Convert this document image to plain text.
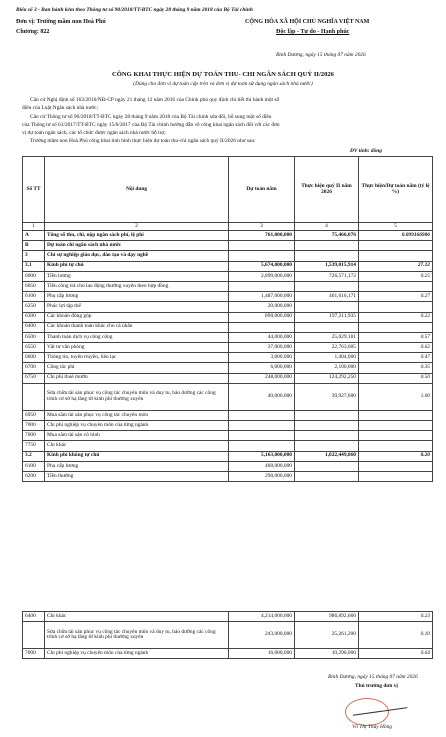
Biểu số 3 - Ban hành kèm theo Thông tư số 90/2018/TT-BTC ngày 28 tháng 9 năm 2018 của Bộ Tài chính
Đơn vị: Trường mầm non Hoà Phú
Chương: 822
CỘNG HÒA XÃ HỘI CHỦ NGHĨA VIỆT NAM
Độc lập - Tự do - Hạnh phúc
Bình Dương, ngày 15 tháng 07 năm 2026
CÔNG KHAI THỰC HIỆN DỰ TOÁN THU- CHI NGÂN SÁCH QUÝ II/2026
(Dùng cho đơn vị dự toán cấp trên và đơn vị dự toán sử dụng ngân sách nhà nước)
Căn cứ Nghị định số 163/2016/NĐ-CP ngày 21 tháng 12 năm 2016 của Chính phủ quy định chi tiết thi hành một số
điều của Luật Ngân sách nhà nước;
Căn cứ Thông tư số 90/2018/TT-BTC ngày 28 tháng 9 năm 2018 của Bộ Tài chính sửa đổi, bổ sung một số điều
của Thông tư số 61/2017/TT-BTC ngày 15/6/2017 của Bộ Tài chính hướng dẫn về công khai ngân sách đối với các đơn
vị dự toán ngân sách, các tổ chức được ngân sách nhà nước hỗ trợ;
Trường mầm non Hoà Phú công khai tình hình thực hiện dự toán thu-chi ngân sách quý II/2026 như sau:
ĐV tính: đồng
Số TT	Nội dung	Dự toán năm	Thực hiện quý II năm 2026	Thực hiện/Dự toán năm (tỷ lệ %)
1	2	3	4	5
A	Tổng số thu, chi, nộp ngân sách phí, lệ phí	761,000,000	75,466,076	0.099166986
B	Dự toán chi ngân sách nhà nước			
3	Chi sự nghiệp giáo dục, đào tạo và dạy nghề			
3.1	Kinh phí tự chủ	5,674,000,000	1,539,015,914	27.12
6000	Tiền lương	2,899,000,000	726,571,172	0.25
6050	Tiền công trả cho lao động thường xuyên theo hợp đồng			
6100	Phụ cấp lương	1,487,000,000	401,616,171	0.27
6250	Phúc lợi tập thể	20,000,000		
6300	Các khoản đóng góp	890,000,000	197,311,935	0.22
6400	Các khoản thanh toán khác cho cá nhân			
6500	Thanh toán dịch vụ công cộng	44,000,000	25,029,181	0.57
6550	Vật tư văn phòng	37,000,000	22,763,605	0.62
6600	Thông tin, tuyên truyền, liên lạc	3,000,000	1,404,000	0.47
6700	Công tác phí	6,000,000	2,100,000	0.35
6750	Chi phí thuê mướn	248,000,000	124,292,250	0.50
	Sửa chữa tài sản phục vụ công tác chuyên môn và duy tu, bảo dưỡng các công trình cơ sở hạ tầng từ kinh phí thường xuyên	40,000,000	39,927,600	1.00
6950	Mua sắm tài sản phục vụ công tác chuyên môn			
7000	Chi phí nghiệp vụ chuyên môn của từng ngành			
7000	Mua sắm tài sản vô hình			
7750	Chi khác			
3.2	Kinh phí không tự chủ	5,163,000,000	1,022,449,860	0.20
6100	Phụ cấp lương	400,000,000		
6200	Tiền thưởng	290,000,000		
6400	Chi khác	4,214,000,000	986,892,660	0.23
	Sửa chữa tài sản phục vụ công tác chuyên môn và duy tu, bảo dưỡng các công trình cơ sở hạ tầng từ kinh phí thường xuyên	243,000,000	25,261,200	0.10
7000	Chi phí nghiệp vụ chuyên môn của từng ngành	16,000,000	10,296,000	0.64
Bình Dương, ngày 15 tháng 07 năm 2026
Thủ trưởng đơn vị
Võ Thị Thủy Hồng
